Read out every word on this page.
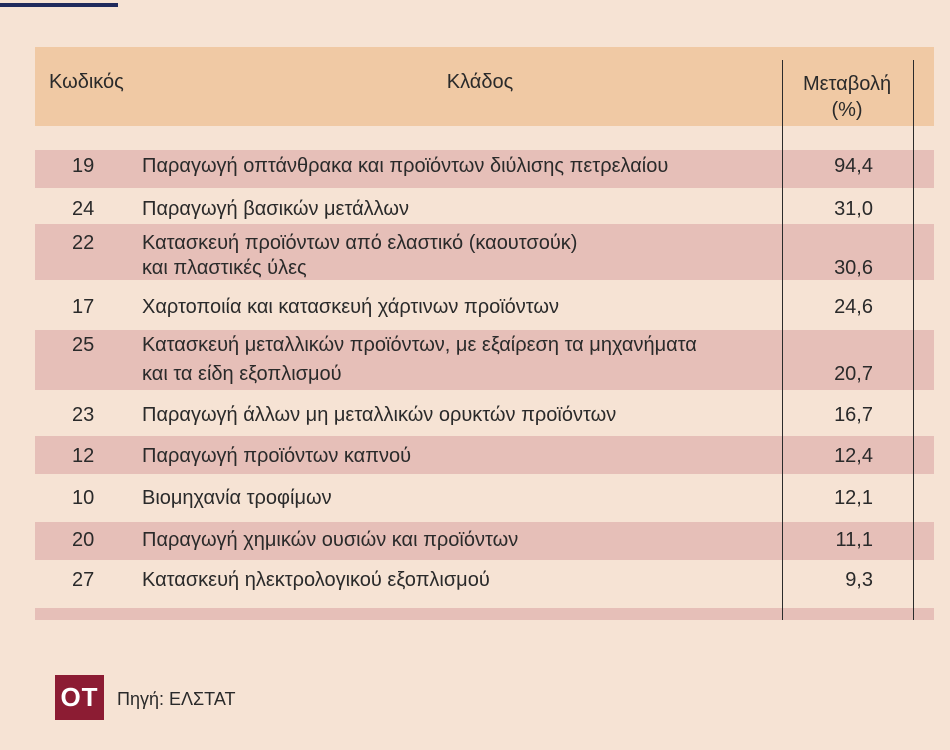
Κωδικός	Κλάδος	Μεταβολή
(%)
19 Παραγωγή οπτάνθρακα και προϊόντων διύλισης πετρελαίου	94,4
24 Παραγωγή βασικών μετάλλων	31,0
22 Κατασκευή προϊόντων από ελαστικό (καουτσούκ)
και πλαστικές ύλες	30,6
17 Χαρτοποιία και κατασκευή χάρτινων προϊόντων	24,6
25 Κατασκευή μεταλλικών προϊόντων, με εξαίρεση τα μηχανήματα
και τα είδη εξοπλισμού	20,7
23 Παραγωγή άλλων μη μεταλλικών ορυκτών προϊόντων	16,7
12 Παραγωγή προϊόντων καπνού	12,4
10 Βιομηχανία τροφίμων	12,1
20 Παραγωγή χημικών ουσιών και προϊόντων	11,1
27 Κατασκευή ηλεκτρολογικού εξοπλισμού	9,3
ΟΤ	Πηγή: ΕΛΣΤΑΤ
